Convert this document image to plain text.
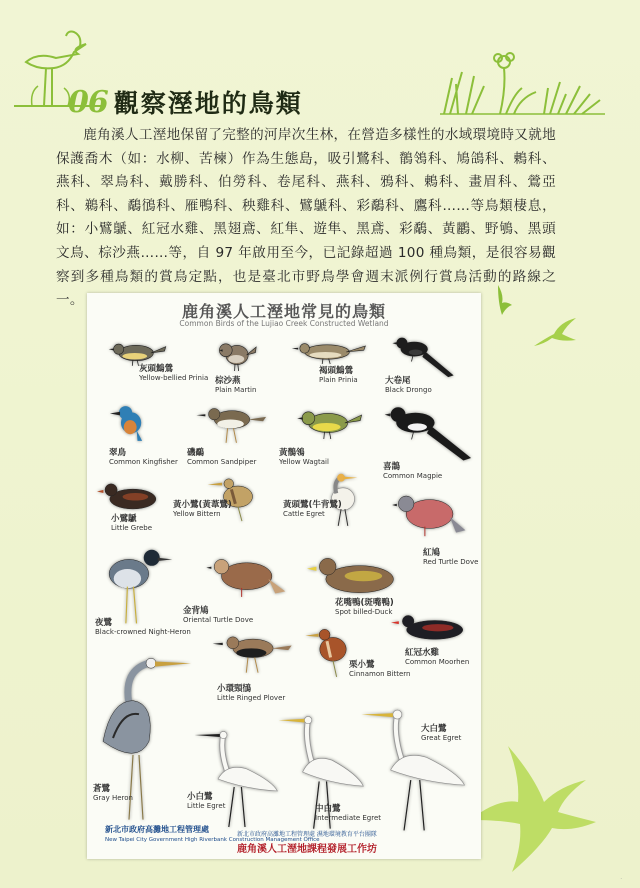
06 觀察溼地的鳥類

鹿角溪人工溼地保留了完整的河岸次生林，在營造多樣性的水域環境時又就地保護喬木（如：水柳、苦楝）作為生態島，吸引鷺科、鶺鴒科、鳩鴿科、鶇科、燕科、翠鳥科、戴勝科、伯勞科、卷尾科、燕科、鴉科、鶇科、畫眉科、鶯亞科、鵜科、鷸鴴科、雁鴨科、秧雞科、鷿鷈科、彩鷸科、鷹科……等鳥類棲息，如：小鷿鷈、紅冠水雞、黑翅鳶、紅隼、遊隼、黑鳶、彩鷸、黃鸝、野鴝、黑頭文鳥、棕沙燕……等，自 97 年啟用至今，已記錄超過 100 種鳥類，是很容易觀察到多種鳥類的賞鳥定點，也是臺北市野鳥學會週末派例行賞鳥活動的路線之一。

鹿角溪人工溼地常見的鳥類
Common Birds of the Lujiao Creek Constructed Wetland
灰頭鷦鶯
Yellow-bellied Prinia 棕沙燕
Plain Martin
褐頭鷦鶯
Plain Prinia	大卷尾
Black Drongo
翠鳥
Common Kingfisher
磯鷸
Common Sandpiper
黃鶺鴒
Yellow Wagtail	喜鵲
Common Magpie
小鷿鷈
Little Grebe
黃小鷺(黃葦鷺)
Yellow Bittern
黃頭鷺(牛背鷺)
Cattle Egret
紅鳩
Red Turtle Dove
夜鷺
Black-crowned Night-Heron
金背鳩
Oriental Turtle Dove
花嘴鴨(斑嘴鴨)
Spot billed-Duck
紅冠水雞
Common Moorhen
小環頸鴴
Little Ringed Plover
栗小鷺
Cinnamon Bittern
蒼鷺
Gray Heron	小白鷺
Little Egret	中白鷺
Intermediate Egret
大白鷺
Great Egret
新北市政府高灘地工程管理處
New Taipei City Government High Riverbank Construction Management Office
新北市政府高灘地工程管理處 濕地環境教育平台團隊
鹿角溪人工溼地課程發展工作坊
·
